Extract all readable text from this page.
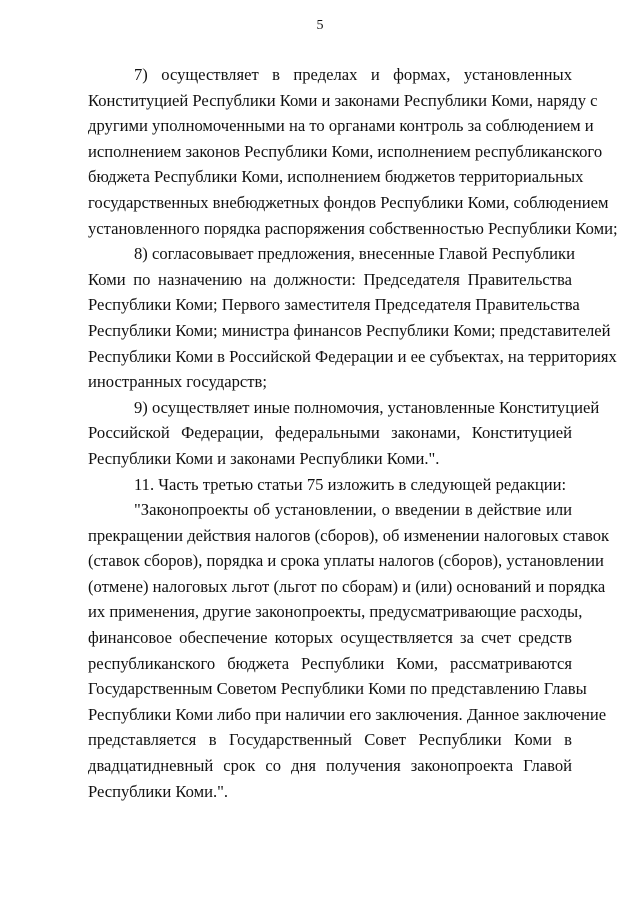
5
7) осуществляет в пределах и формах, установленных
Конституцией Республики Коми и законами Республики Коми, наряду с
другими уполномоченными на то органами контроль за соблюдением и
исполнением законов Республики Коми, исполнением республиканского
бюджета Республики Коми, исполнением бюджетов территориальных
государственных внебюджетных фондов Республики Коми, соблюдением
установленного порядка распоряжения собственностью Республики Коми;
8) согласовывает предложения, внесенные Главой Республики
Коми по назначению на должности: Председателя Правительства
Республики Коми; Первого заместителя Председателя Правительства
Республики Коми; министра финансов Республики Коми; представителей
Республики Коми в Российской Федерации и ее субъектах, на территориях
иностранных государств;
9) осуществляет иные полномочия, установленные Конституцией
Российской Федерации, федеральными законами, Конституцией
Республики Коми и законами Республики Коми.".
11. Часть третью статьи 75 изложить в следующей редакции:
"Законопроекты об установлении, о введении в действие или
прекращении действия налогов (сборов), об изменении налоговых ставок
(ставок сборов), порядка и срока уплаты налогов (сборов), установлении
(отмене) налоговых льгот (льгот по сборам) и (или) оснований и порядка
их применения, другие законопроекты, предусматривающие расходы,
финансовое обеспечение которых осуществляется за счет средств
республиканского бюджета Республики Коми, рассматриваются
Государственным Советом Республики Коми по представлению Главы
Республики Коми либо при наличии его заключения. Данное заключение
представляется в Государственный Совет Республики Коми в
двадцатидневный срок со дня получения законопроекта Главой
Республики Коми.".
